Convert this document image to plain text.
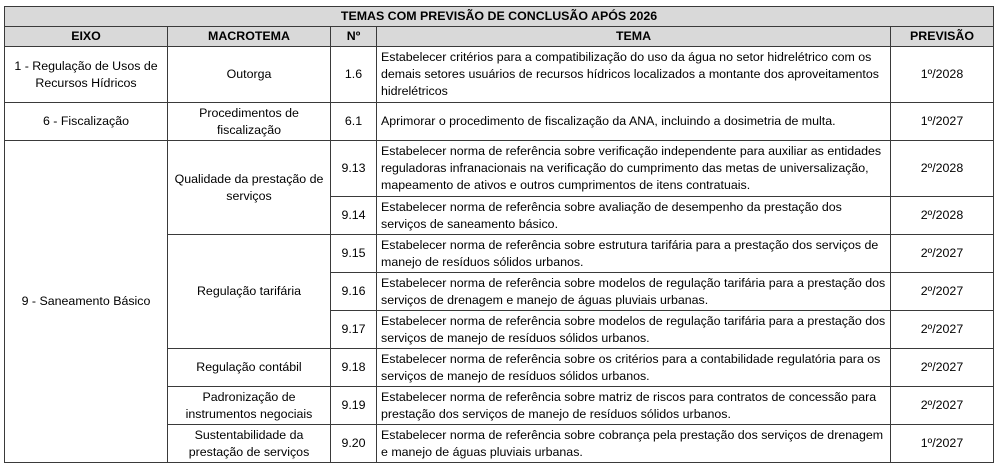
TEMAS COM PREVISÃO DE CONCLUSÃO APÓS 2026				
EIXO	MACROTEMA	Nº	TEMA	PREVISÃO
1 - Regulação de Usos de Recursos Hídricos	Outorga	1.6	Estabelecer critérios para a compatibilização do uso da água no setor hidrelétrico com os demais setores usuários de recursos hídricos localizados a montante dos aproveitamentos hidrelétricos	1º/2028
6 - Fiscalização	Procedimentos de fiscalização	6.1	Aprimorar o procedimento de fiscalização da ANA, incluindo a dosimetria de multa.	1º/2027
9 - Saneamento Básico	Qualidade da prestação de serviços	9.13	Estabelecer norma de referência sobre verificação independente para auxiliar as entidades reguladoras infranacionais na verificação do cumprimento das metas de universalização, mapeamento de ativos e outros cumprimentos de itens contratuais.	2º/2028
		9.14	Estabelecer norma de referência sobre avaliação de desempenho da prestação dos serviços de saneamento básico.	2º/2028
	Regulação tarifária	9.15	Estabelecer norma de referência sobre estrutura tarifária para a prestação dos serviços de manejo de resíduos sólidos urbanos.	2º/2027
		9.16	Estabelecer norma de referência sobre modelos de regulação tarifária para a prestação dos serviços de drenagem e manejo de águas pluviais urbanas.	2º/2027
		9.17	Estabelecer norma de referência sobre modelos de regulação tarifária para a prestação dos serviços de manejo de resíduos sólidos urbanos.	2º/2027
	Regulação contábil	9.18	Estabelecer norma de referência sobre os critérios para a contabilidade regulatória para os serviços de manejo de resíduos sólidos urbanos.	2º/2027
	Padronização de instrumentos negociais	9.19	Estabelecer norma de referência sobre matriz de riscos para contratos de concessão para prestação dos serviços de manejo de resíduos sólidos urbanos.	2º/2027
	Sustentabilidade da prestação de serviços	9.20	Estabelecer norma de referência sobre cobrança pela prestação dos serviços de drenagem e manejo de águas pluviais urbanas.	1º/2027
